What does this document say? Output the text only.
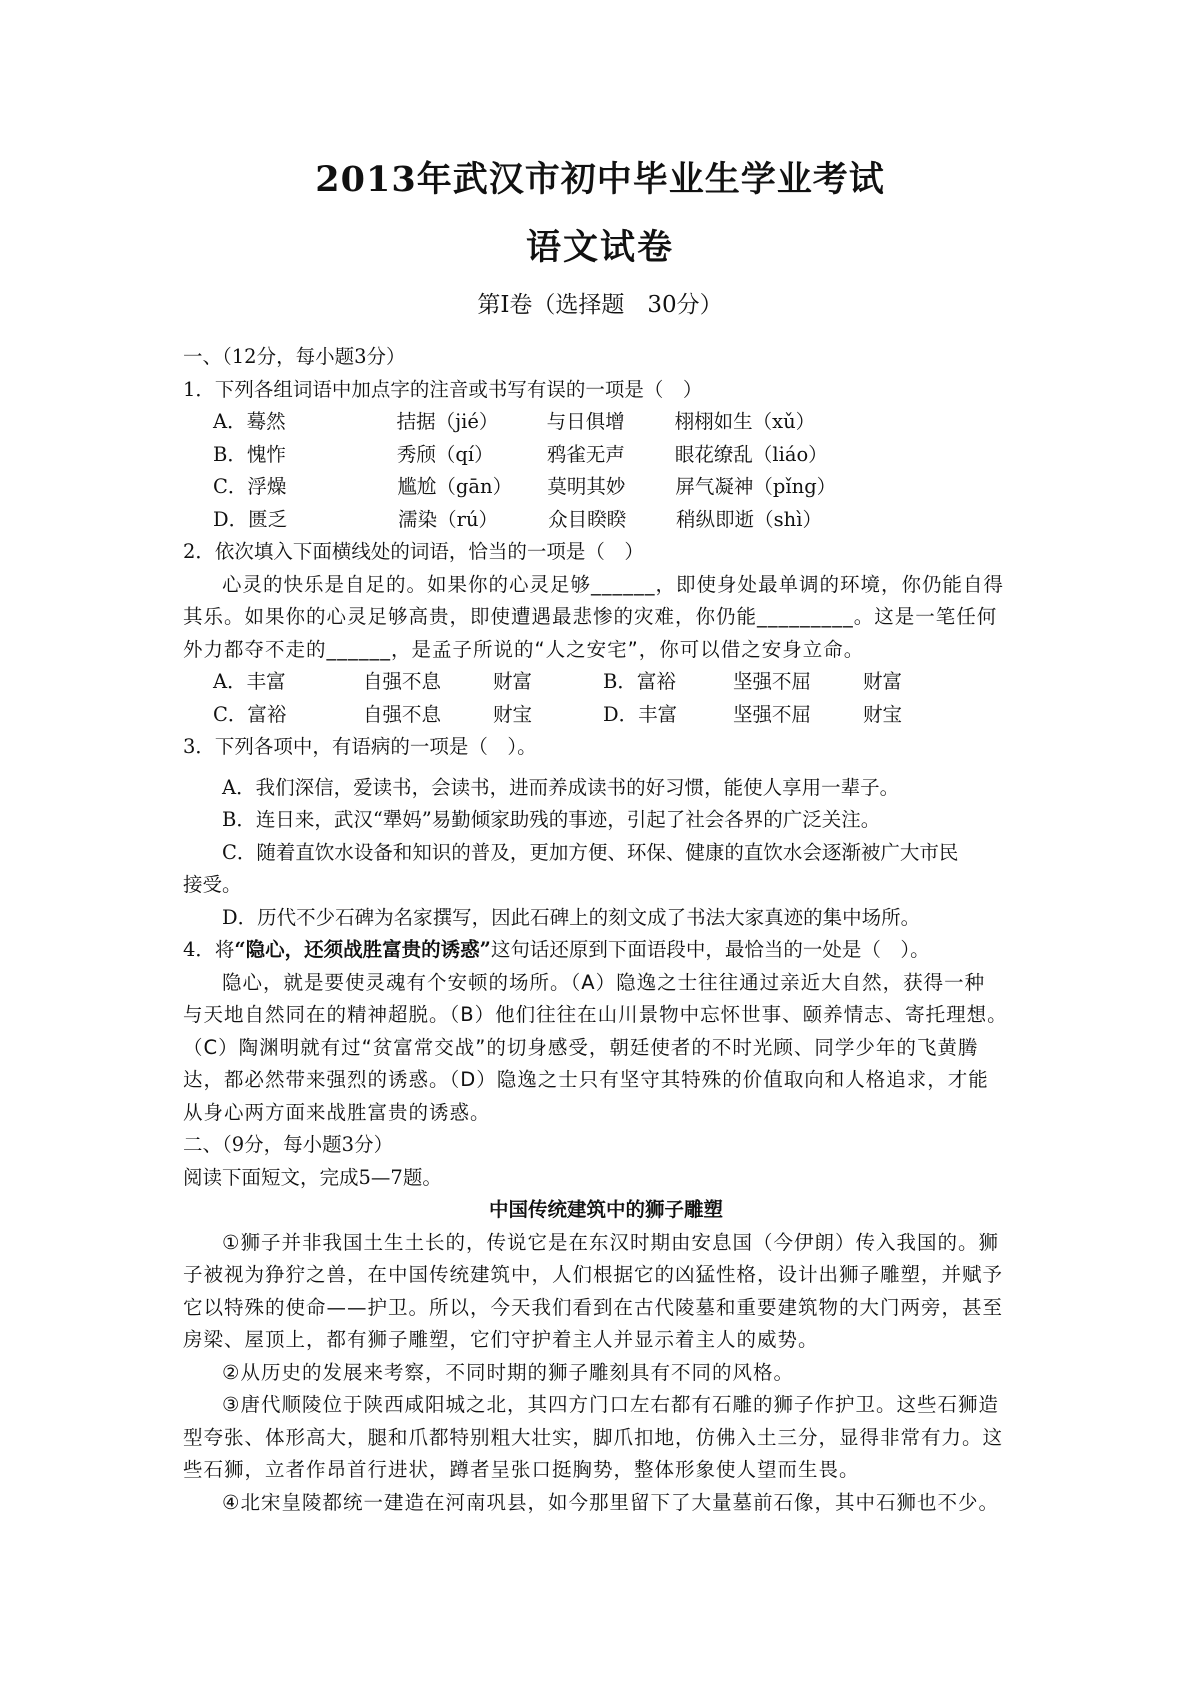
2013年武汉市初中毕业生学业考试
语文试卷
第Ⅰ卷（选择题　30分）

一、（12分，每小题3分）

1．下列各组词语中加点字的注音或书写有误的一项是（　）

A．蓦然	拮据（jié） 与日俱增	栩栩如生（xǔ）

B．愧怍	秀颀（qí）	鸦雀无声	眼花缭乱（liáo）

C．浮燥	尴尬（gān） 莫明其妙	屏气凝神（pǐng）

D．匮乏	濡染（rú）	众目睽睽	稍纵即逝（shì）

2．依次填入下面横线处的词语，恰当的一项是（　）

心灵的快乐是自足的。如果你的心灵足够______，即使身处最单调的环境，你仍能自得

其乐。如果你的心灵足够高贵，即使遭遇最悲惨的灾难，你仍能_________。这是一笔任何

外力都夺不走的______，是孟子所说的“人之安宅”，你可以借之安身立命。

A．丰富	自强不息	财富	B．富裕	坚强不屈	财富

C．富裕	自强不息	财宝	D．丰富	坚强不屈	财宝

3．下列各项中，有语病的一项是（　）。

A．我们深信，爱读书，会读书，进而养成读书的好习惯，能使人享用一辈子。

B．连日来，武汉“犟妈”易勤倾家助残的事迹，引起了社会各界的广泛关注。

C．随着直饮水设备和知识的普及，更加方便、环保、健康的直饮水会逐渐被广大市民

接受。

D．历代不少石碑为名家撰写，因此石碑上的刻文成了书法大家真迹的集中场所。

4．将“隐心，还须战胜富贵的诱惑”这句话还原到下面语段中，最恰当的一处是（　）。

隐心，就是要使灵魂有个安顿的场所。（A）隐逸之士往往通过亲近大自然，获得一种

与天地自然同在的精神超脱。（B）他们往往在山川景物中忘怀世事、颐养情志、寄托理想。

（C）陶渊明就有过“贫富常交战”的切身感受，朝廷使者的不时光顾、同学少年的飞黄腾

达，都必然带来强烈的诱惑。（D）隐逸之士只有坚守其特殊的价值取向和人格追求，才能

从身心两方面来战胜富贵的诱惑。

二、（9分，每小题3分）

阅读下面短文，完成5—7题。

中国传统建筑中的狮子雕塑

①狮子并非我国土生土长的，传说它是在东汉时期由安息国（今伊朗）传入我国的。狮

子被视为狰狞之兽，在中国传统建筑中，人们根据它的凶猛性格，设计出狮子雕塑，并赋予

它以特殊的使命——护卫。所以，今天我们看到在古代陵墓和重要建筑物的大门两旁，甚至

房梁、屋顶上，都有狮子雕塑，它们守护着主人并显示着主人的威势。

②从历史的发展来考察，不同时期的狮子雕刻具有不同的风格。

③唐代顺陵位于陕西咸阳城之北，其四方门口左右都有石雕的狮子作护卫。这些石狮造

型夸张、体形高大，腿和爪都特别粗大壮实，脚爪扣地，仿佛入土三分，显得非常有力。这

些石狮，立者作昂首行进状，蹲者呈张口挺胸势，整体形象使人望而生畏。

④北宋皇陵都统一建造在河南巩县，如今那里留下了大量墓前石像，其中石狮也不少。
